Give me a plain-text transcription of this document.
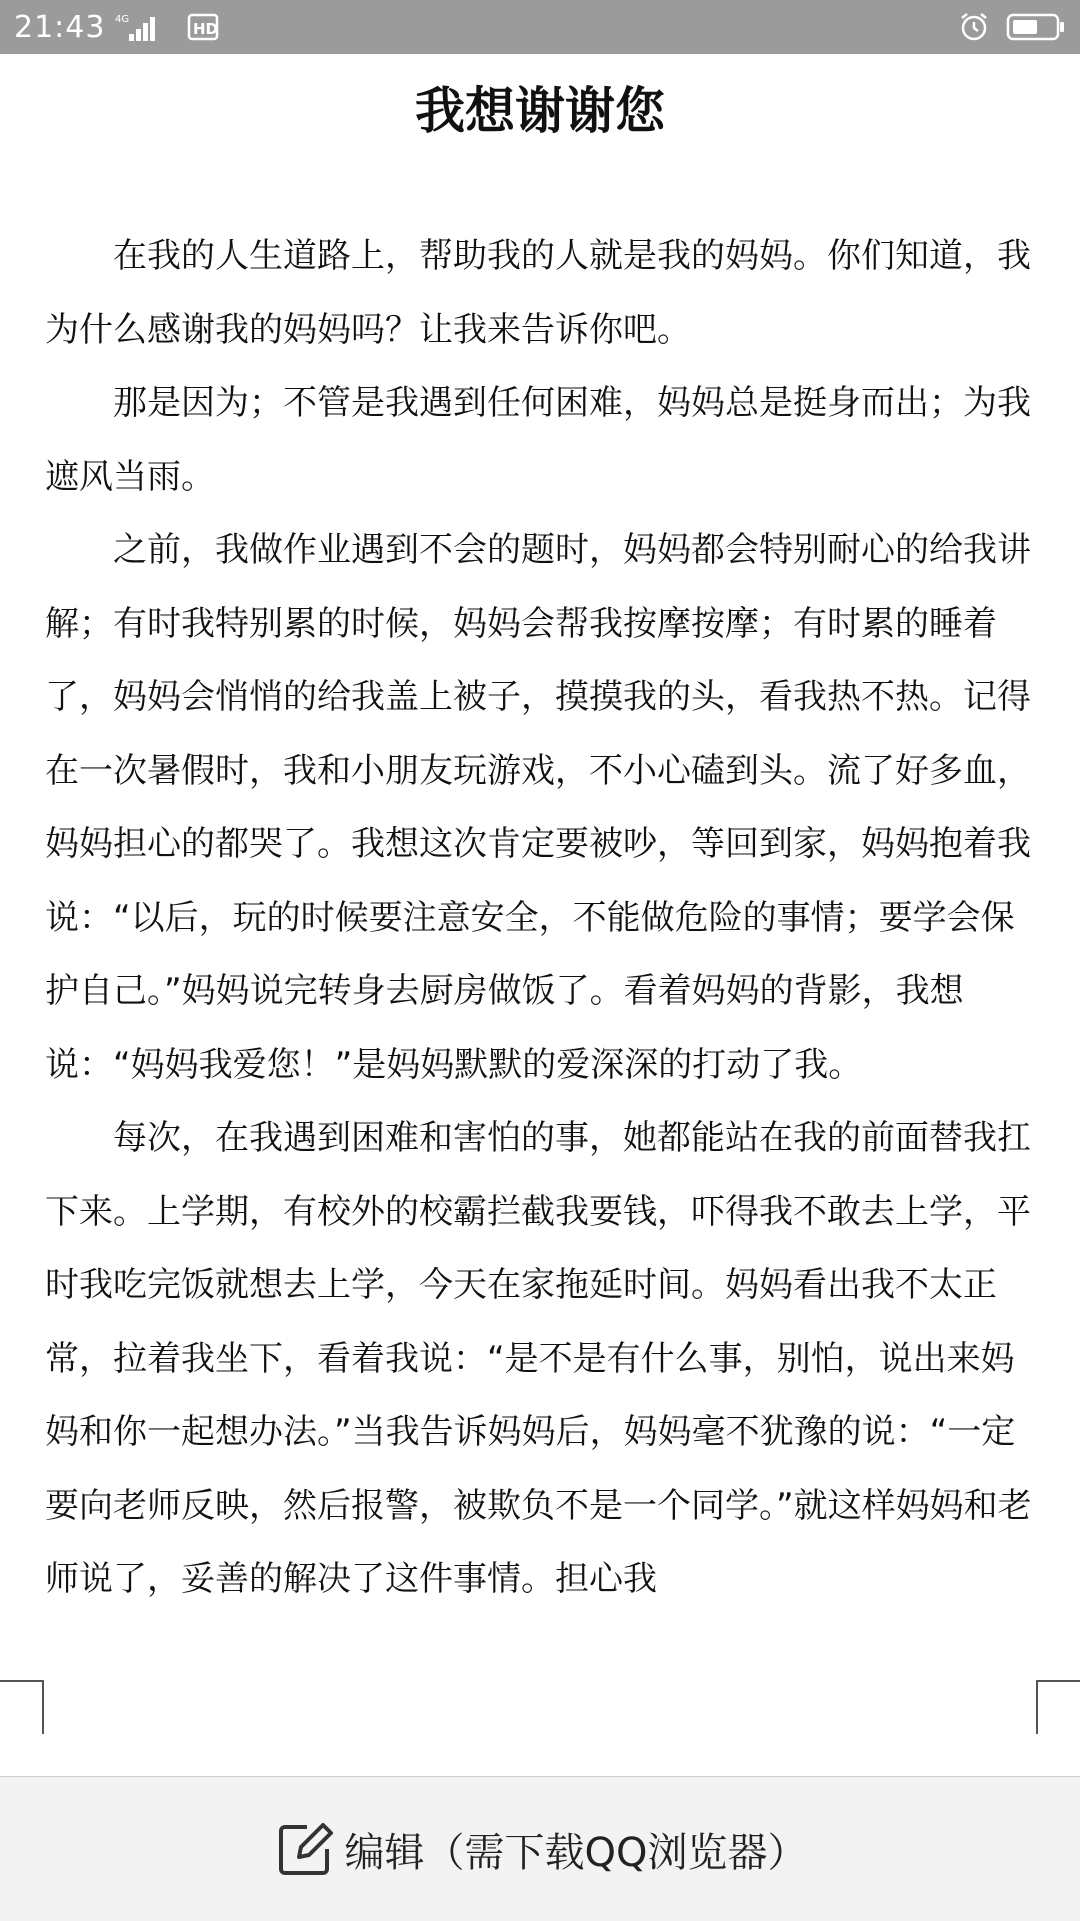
21:43 4G
HD
我想谢谢您

在我的人生道路上，帮助我的人就是我的妈妈。你们知道，我为什么感谢我的妈妈吗？让我来告诉你吧。

那是因为；不管是我遇到任何困难，妈妈总是挺身而出；为我遮风当雨。

之前，我做作业遇到不会的题时，妈妈都会特别耐心的给我讲解；有时我特别累的时候，妈妈会帮我按摩按摩；有时累的睡着了，妈妈会悄悄的给我盖上被子，摸摸我的头，看我热不热。记得在一次暑假时，我和小朋友玩游戏，不小心磕到头。流了好多血，妈妈担心的都哭了。我想这次肯定要被吵，等回到家，妈妈抱着我说：“以后，玩的时候要注意安全，不能做危险的事情；要学会保护自己。”妈妈说完转身去厨房做饭了。看着妈妈的背影，我想说：“妈妈我爱您！”是妈妈默默的爱深深的打动了我。

每次，在我遇到困难和害怕的事，她都能站在我的前面替我扛下来。上学期，有校外的校霸拦截我要钱，吓得我不敢去上学，平时我吃完饭就想去上学，今天在家拖延时间。妈妈看出我不太正常，拉着我坐下，看着我说：“是不是有什么事，别怕，说出来妈妈和你一起想办法。”当我告诉妈妈后，妈妈毫不犹豫的说：“一定要向老师反映，然后报警，被欺负不是一个同学。”就这样妈妈和老师说了，妥善的解决了这件事情。担心我

编辑（需下载QQ浏览器）
